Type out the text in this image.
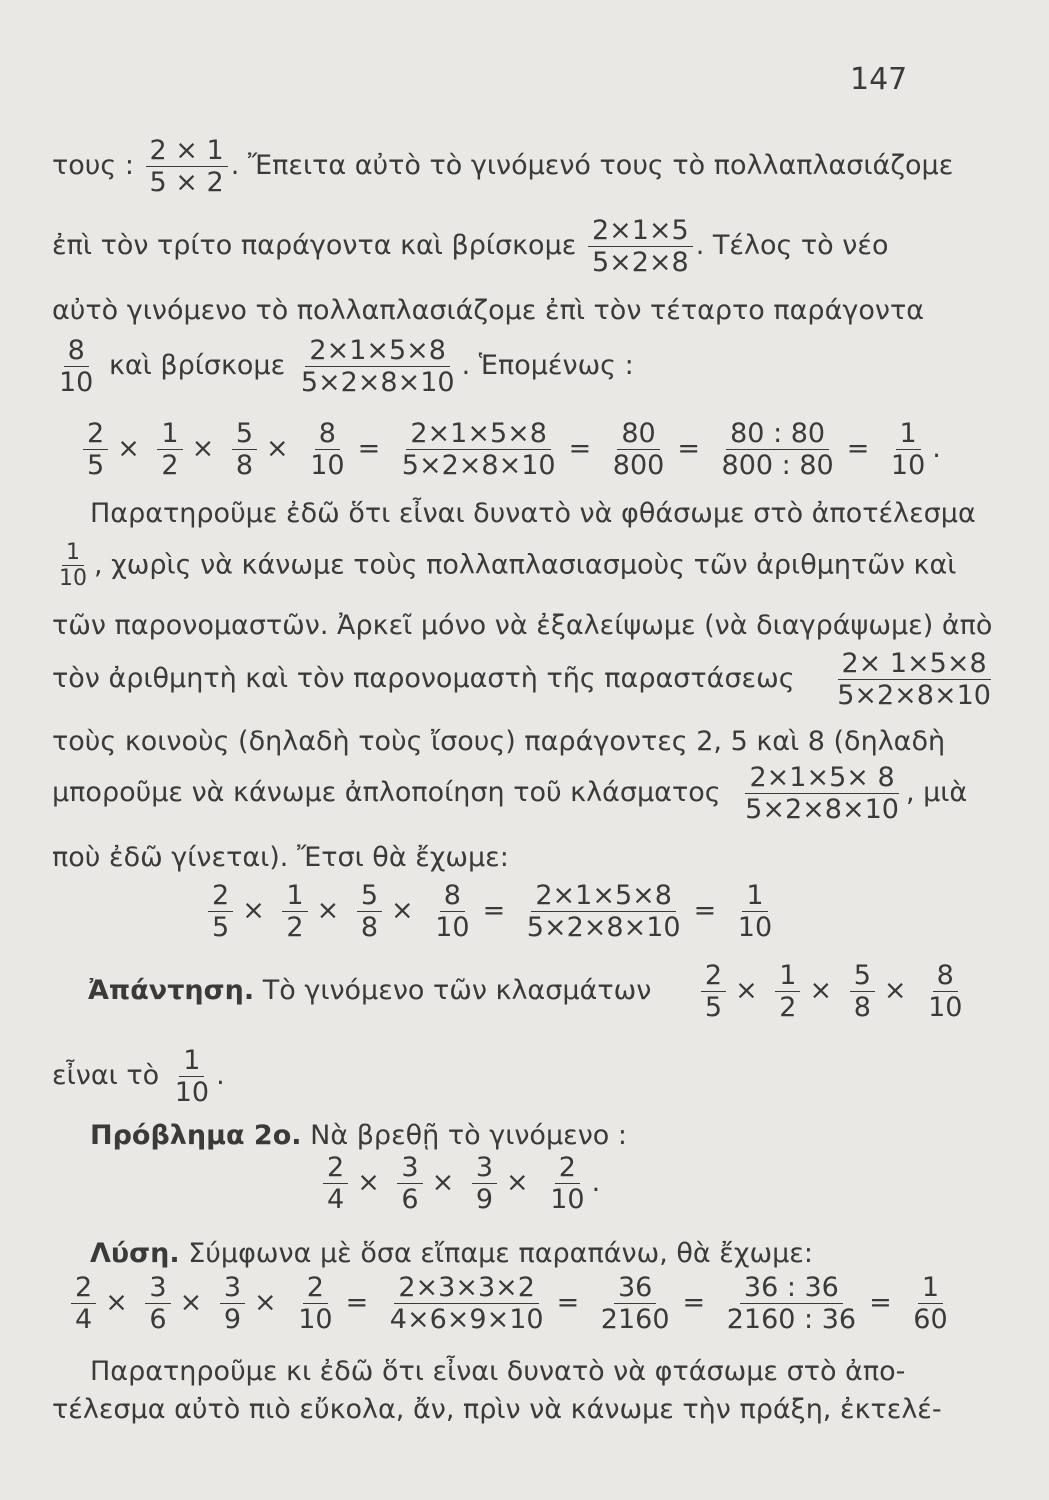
147
τους : $\frac{2 \times 1}{5 \times 2}$ . Ἔπειτα αὐτὸ τὸ γινόμενό τους τὸ πολλαπλασιάζομε
ἐπὶ τὸν τρίτο παράγοντα καὶ βρίσκομε $\frac{2\times 1\times 5}{5\times 2\times 8}$ . Τέλος τὸ νέο
αὐτὸ γινόμενο τὸ πολλαπλασιάζομε ἐπὶ τὸν τέταρτο παράγοντα
$\frac{8}{10}$ καὶ βρίσκομε $\frac{2\times 1\times 5\times 8}{5\times 2\times 8\times 10}$ . Ἑπομένως :
$\frac{2}{5} \times \frac{1}{2} \times \frac{5}{8} \times \frac{8}{10} = \frac{2\times 1\times 5\times 8}{5\times 2\times 8\times 10} = \frac{80}{800} = \frac{80 : 80}{800 : 80} = \frac{1}{10}$ .
Παρατηροῦμε ἐδῶ ὅτι εἶναι δυνατὸ νὰ φθάσωμε στὸ ἀποτέλεσμα
$\frac{1}{10}$ , χωρὶς νὰ κάνωμε τοὺς πολλαπλασιασμοὺς τῶν ἀριθμητῶν καὶ
τῶν παρονομαστῶν. Ἀρκεῖ μόνο νὰ ἐξαλείψωμε (νὰ διαγράψωμε) ἀπὸ
τὸν ἀριθμητὴ καὶ τὸν παρονομαστὴ τῆς παραστάσεως $\frac{2\times 1\times 5\times 8}{5\times 2\times 8\times 10}$
τοὺς κοινοὺς (δηλαδὴ τοὺς ἴσους) παράγοντες 2, 5 καὶ 8 (δηλαδὴ
μποροῦμε νὰ κάνωμε ἀπλοποίηση τοῦ κλάσματος $\frac{2\times 1\times 5\times 8}{5\times 2\times 8\times 10}$ , μιὰ
ποὺ ἐδῶ γίνεται). Ἔτσι θὰ ἔχωμε:
$\frac{2}{5} \times \frac{1}{2} \times \frac{5}{8} \times \frac{8}{10} = \frac{2\times 1\times 5\times 8}{5\times 2\times 8\times 10} = \frac{1}{10}$
Ἀπάντηση. Τὸ γινόμενο τῶν κλασμάτων $\frac{2}{5} \times \frac{1}{2} \times \frac{5}{8} \times \frac{8}{10}$
εἶναι τὸ $\frac{1}{10}$ .
Πρόβλημα 2ο. Νὰ βρεθῇ τὸ γινόμενο :
$\frac{2}{4} \times \frac{3}{6} \times \frac{3}{9} \times \frac{2}{10}$ .
Λύση. Σύμφωνα μὲ ὅσα εἴπαμε παραπάνω, θὰ ἔχωμε:
$\frac{2}{4} \times \frac{3}{6} \times \frac{3}{9} \times \frac{2}{10} = \frac{2\times 3\times 3\times 2}{4\times 6\times 9\times 10} = \frac{36}{2160} = \frac{36 : 36}{2160 : 36} = \frac{1}{60}$
Παρατηροῦμε κι ἐδῶ ὅτι εἶναι δυνατὸ νὰ φτάσωμε στὸ ἀπο-
τέλεσμα αὐτὸ πιὸ εὔκολα, ἄν, πρὶν νὰ κάνωμε τὴν πράξη, ἐκτελέ-
